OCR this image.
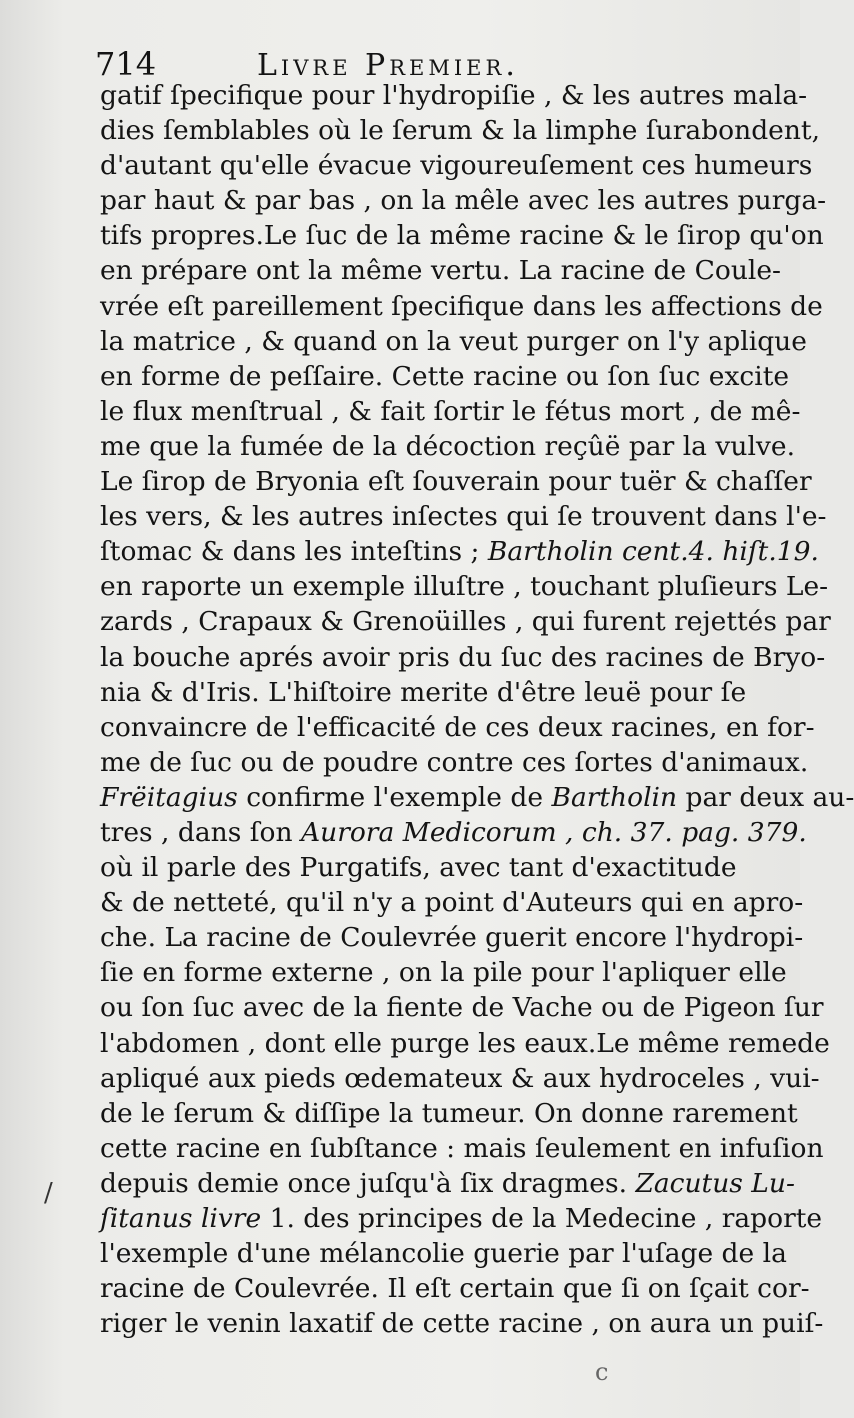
714	Livre Premier.
gatif ſpecifique pour l'hydropiſie , & les autres mala-
dies ſemblables où le ſerum & la limphe ſurabondent,
d'autant qu'elle évacue vigoureuſement ces humeurs
par haut & par bas , on la mêle avec les autres purga-
tifs propres.Le ſuc de la même racine & le ſirop qu'on
en prépare ont la même vertu. La racine de Coule-
vrée eſt pareillement ſpecifique dans les affections de
la matrice , & quand on la veut purger on l'y aplique
en forme de peſſaire. Cette racine ou ſon ſuc excite
le flux menſtrual , & fait ſortir le fétus mort , de mê-
me que la fumée de la décoction reçûë par la vulve.
Le ſirop de Bryonia eſt ſouverain pour tuër & chaſſer
les vers, & les autres inſectes qui ſe trouvent dans l'e-
ſtomac & dans les inteſtins ; Bartholin cent.4. hiſt.19.
en raporte un exemple illuſtre , touchant pluſieurs Le-
zards , Crapaux & Grenoüilles , qui furent rejettés par
la bouche aprés avoir pris du ſuc des racines de Bryo-
nia & d'Iris. L'hiſtoire merite d'être leuë pour ſe
convaincre de l'efficacité de ces deux racines, en for-
me de ſuc ou de poudre contre ces ſortes d'animaux.
Frëitagius confirme l'exemple de Bartholin par deux au-
tres , dans ſon Aurora Medicorum , ch. 37. pag. 379.
où il parle des Purgatifs, avec tant d'exactitude
& de netteté, qu'il n'y a point d'Auteurs qui en apro-
che. La racine de Coulevrée guerit encore l'hydropi-
ſie en forme externe , on la pile pour l'apliquer elle
ou ſon ſuc avec de la fiente de Vache ou de Pigeon ſur
l'abdomen , dont elle purge les eaux.Le même remede
apliqué aux pieds œdemateux & aux hydroceles , vui-
de le ſerum & diſſipe la tumeur. On donne rarement
cette racine en ſubſtance : mais ſeulement en infuſion
depuis demie once juſqu'à ſix dragmes. Zacutus Lu-
ſitanus livre 1. des principes de la Medecine , raporte
l'exemple d'une mélancolie guerie par l'uſage de la
racine de Coulevrée. Il eſt certain que ſi on ſçait cor-
riger le venin laxatif de cette racine , on aura un puiſ-
/
c
